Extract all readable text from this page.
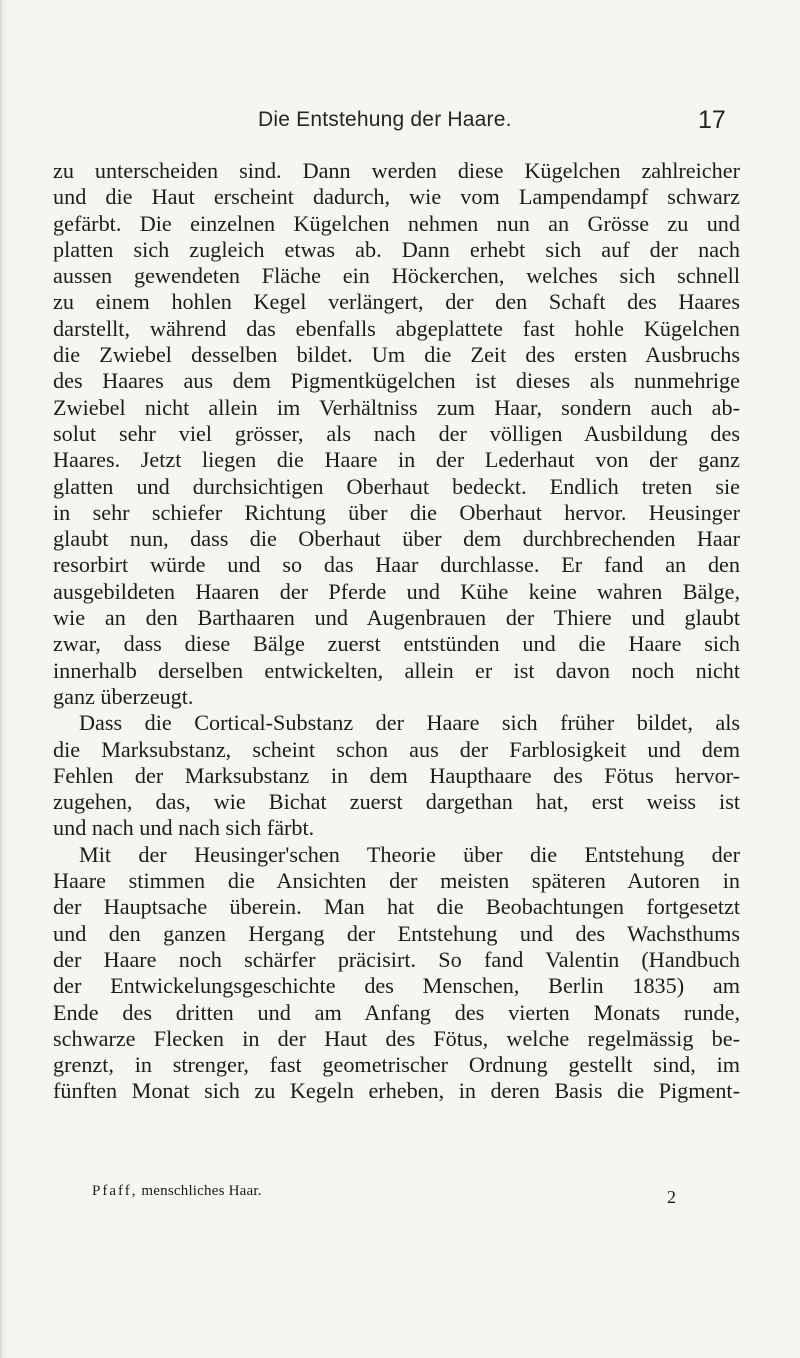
Die Entstehung der Haare.	17
zu unterscheiden sind. Dann werden diese Kügelchen zahlreicher
und die Haut erscheint dadurch, wie vom Lampendampf schwarz
gefärbt. Die einzelnen Kügelchen nehmen nun an Grösse zu und
platten sich zugleich etwas ab. Dann erhebt sich auf der nach
aussen gewendeten Fläche ein Höckerchen, welches sich schnell
zu einem hohlen Kegel verlängert, der den Schaft des Haares
darstellt, während das ebenfalls abgeplattete fast hohle Kügelchen
die Zwiebel desselben bildet. Um die Zeit des ersten Ausbruchs
des Haares aus dem Pigmentkügelchen ist dieses als nunmehrige
Zwiebel nicht allein im Verhältniss zum Haar, sondern auch ab-
solut sehr viel grösser, als nach der völligen Ausbildung des
Haares. Jetzt liegen die Haare in der Lederhaut von der ganz
glatten und durchsichtigen Oberhaut bedeckt. Endlich treten sie
in sehr schiefer Richtung über die Oberhaut hervor. Heusinger
glaubt nun, dass die Oberhaut über dem durchbrechenden Haar
resorbirt würde und so das Haar durchlasse. Er fand an den
ausgebildeten Haaren der Pferde und Kühe keine wahren Bälge,
wie an den Barthaaren und Augenbrauen der Thiere und glaubt
zwar, dass diese Bälge zuerst entstünden und die Haare sich
innerhalb derselben entwickelten, allein er ist davon noch nicht
ganz überzeugt.
Dass die Cortical-Substanz der Haare sich früher bildet, als
die Marksubstanz, scheint schon aus der Farblosigkeit und dem
Fehlen der Marksubstanz in dem Haupthaare des Fötus hervor-
zugehen, das, wie Bichat zuerst dargethan hat, erst weiss ist
und nach und nach sich färbt.
Mit der Heusinger'schen Theorie über die Entstehung der
Haare stimmen die Ansichten der meisten späteren Autoren in
der Hauptsache überein. Man hat die Beobachtungen fortgesetzt
und den ganzen Hergang der Entstehung und des Wachsthums
der Haare noch schärfer präcisirt. So fand Valentin (Handbuch
der Entwickelungsgeschichte des Menschen, Berlin 1835) am
Ende des dritten und am Anfang des vierten Monats runde,
schwarze Flecken in der Haut des Fötus, welche regelmässig be-
grenzt, in strenger, fast geometrischer Ordnung gestellt sind, im
fünften Monat sich zu Kegeln erheben, in deren Basis die Pigment-
Pfaff, menschliches Haar.	2
